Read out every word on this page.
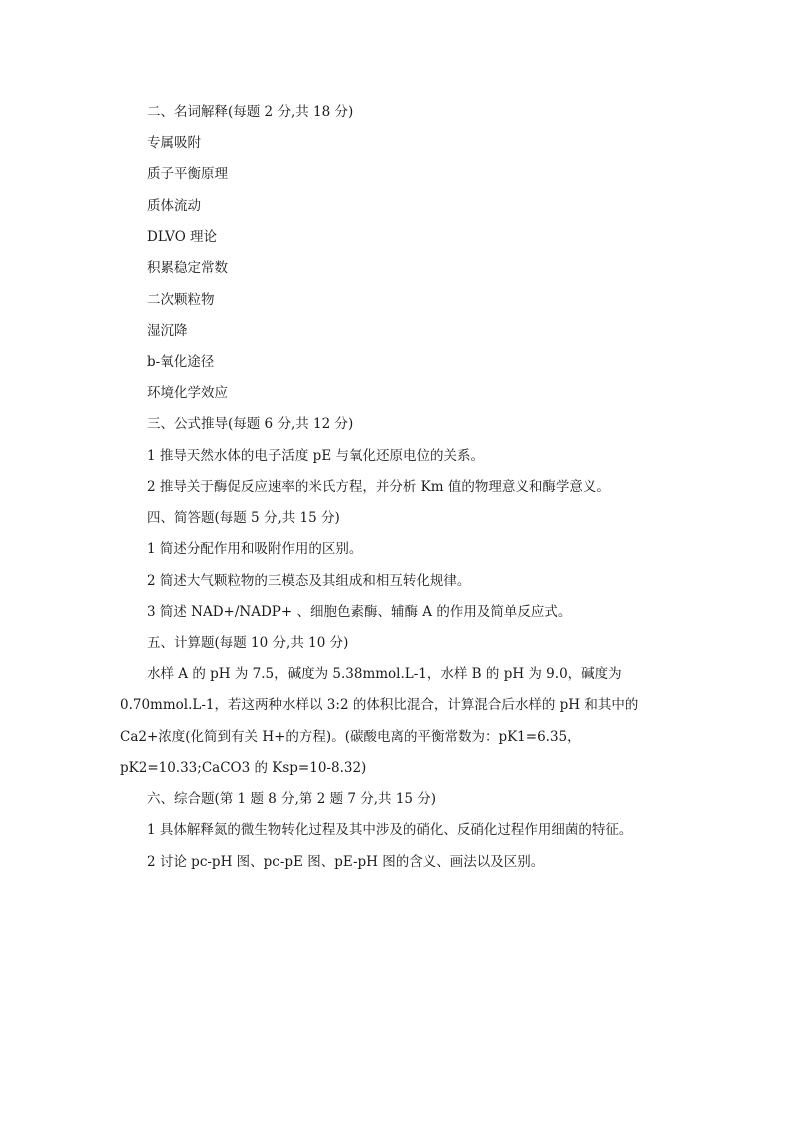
二、名词解释(每题 2 分,共 18 分)
专属吸附
质子平衡原理
质体流动
DLVO 理论
积累稳定常数
二次颗粒物
湿沉降
b-氧化途径
环境化学效应
三、公式推导(每题 6 分,共 12 分)
1 推导天然水体的电子活度 pE 与氧化还原电位的关系。
2 推导关于酶促反应速率的米氏方程，并分析 Km 值的物理意义和酶学意义。
四、简答题(每题 5 分,共 15 分)
1 简述分配作用和吸附作用的区别。
2 简述大气颗粒物的三模态及其组成和相互转化规律。
3 简述 NAD+/NADP+ 、细胞色素酶、辅酶 A 的作用及简单反应式。
五、计算题(每题 10 分,共 10 分)
水样 A 的 pH 为 7.5，碱度为 5.38mmol.L-1，水样 B 的 pH 为 9.0，碱度为 0.70mmol.L-1，若这两种水样以 3:2 的体积比混合，计算混合后水样的 pH 和其中的 Ca2+浓度(化简到有关 H+的方程)。(碳酸电离的平衡常数为：pK1=6.35，pK2=10.33;CaCO3 的 Ksp=10-8.32)
六、综合题(第 1 题 8 分,第 2 题 7 分,共 15 分)
1 具体解释氮的微生物转化过程及其中涉及的硝化、反硝化过程作用细菌的特征。
2 讨论 pc-pH 图、pc-pE 图、pE-pH 图的含义、画法以及区别。
